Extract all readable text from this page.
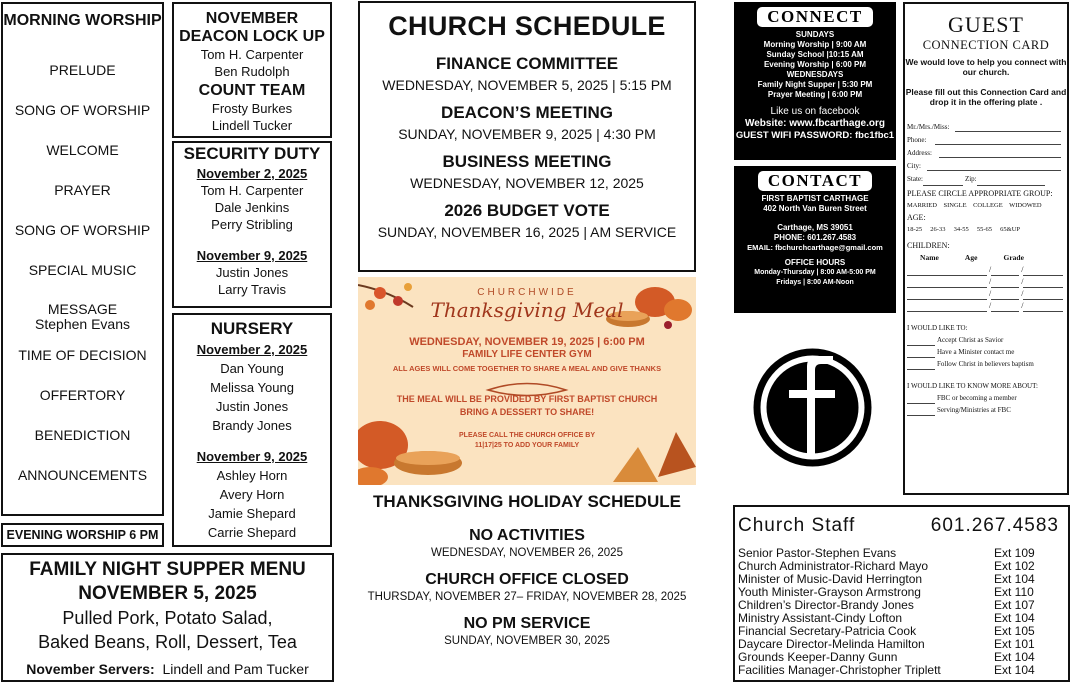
MORNING WORSHIP

PRELUDE
SONG OF WORSHIP
WELCOME
PRAYER
SONG OF WORSHIP
SPECIAL MUSIC
MESSAGE
Stephen Evans
TIME OF DECISION
OFFERTORY
BENEDICTION
ANNOUNCEMENTS
EVENING WORSHIP 6 PM

FAMILY NIGHT SUPPER MENU

NOVEMBER 5, 2025

Pulled Pork, Potato Salad,

Baked Beans, Roll, Dessert, Tea

November Servers: Lindell and Pam Tucker

NOVEMBER

DEACON LOCK UP

Tom H. Carpenter

Ben Rudolph

COUNT TEAM

Frosty Burkes

Lindell Tucker

SECURITY DUTY

November 2, 2025

Tom H. Carpenter

Dale Jenkins

Perry Stribling

November 9, 2025

Justin Jones

Larry Travis

NURSERY

November 2, 2025

Dan Young

Melissa Young

Justin Jones

Brandy Jones

November 9, 2025

Ashley Horn

Avery Horn

Jamie Shepard

Carrie Shepard

CHURCH SCHEDULE

FINANCE COMMITTEE

WEDNESDAY, NOVEMBER 5, 2025 | 5:15 PM

DEACON’S MEETING

SUNDAY, NOVEMBER 9, 2025 | 4:30 PM

BUSINESS MEETING

WEDNESDAY, NOVEMBER 12, 2025

2026 BUDGET VOTE

SUNDAY, NOVEMBER 16, 2025 | AM SERVICE

CHURCHWIDE

Thanksgiving Meal

WEDNESDAY, NOVEMBER 19, 2025 | 6:00 PM

FAMILY LIFE CENTER GYM

ALL AGES WILL COME TOGETHER TO SHARE A MEAL AND GIVE THANKS

THE MEAL WILL BE PROVIDED BY FIRST BAPTIST CHURCH
BRING A DESSERT TO SHARE!

PLEASE CALL THE CHURCH OFFICE BY
11|17|25 TO ADD YOUR FAMILY

THANKSGIVING HOLIDAY SCHEDULE

NO ACTIVITIES

WEDNESDAY, NOVEMBER 26, 2025

CHURCH OFFICE CLOSED

THURSDAY, NOVEMBER 27– FRIDAY, NOVEMBER 28, 2025

NO PM SERVICE

SUNDAY, NOVEMBER 30, 2025

CONNECT

SUNDAYS

Morning Worship | 9:00 AM

Sunday School |10:15 AM

Evening Worship | 6:00 PM

WEDNESDAYS

Family Night Supper | 5:30 PM

Prayer Meeting | 6:00 PM

Like us on facebook

Website: www.fbcarthage.org

GUEST WIFI PASSWORD: fbc1fbc1

CONTACT

FIRST BAPTIST CARTHAGE

402 North Van Buren Street

Carthage, MS 39051

PHONE: 601.267.4583

EMAIL: fbchurchcarthage@gmail.com

OFFICE HOURS

Monday-Thursday | 8:00 AM-5:00 PM

Fridays | 8:00 AM-Noon

GUEST

CONNECTION CARD

We would love to help you connect with our church.

Please fill out this Connection Card and drop it in the offering plate .

Mr./Mrs./Miss:

Phone:

Address:

City:

State:	Zip:

PLEASE CIRCLE APPROPRIATE GROUP:

MARRIED    SINGLE    COLLEGE    WIDOWED

AGE:

18-25     26-33     34-55     55-65     65&UP

CHILDREN:

Name	Age	Grade

/	/
/	/
/	/
/	/

I WOULD LIKE TO:

Accept Christ as Savior

Have a Minister contact me

Follow Christ in believers baptism

I WOULD LIKE TO KNOW MORE ABOUT:

FBC or becoming a member

Serving/Ministries at FBC

Church Staff	601.267.4583
Senior Pastor-Stephen Evans	Ext 109
Church Administrator-Richard Mayo	Ext 102
Minister of Music-David Herrington	Ext 104
Youth Minister-Grayson Armstrong	Ext 110
Children’s Director-Brandy Jones	Ext 107
Ministry Assistant-Cindy Lofton	Ext 104
Financial Secretary-Patricia Cook	Ext 105
Daycare Director-Melinda Hamilton	Ext 101
Grounds Keeper-Danny Gunn	Ext 104
Facilities Manager-Christopher Triplett	Ext 104
